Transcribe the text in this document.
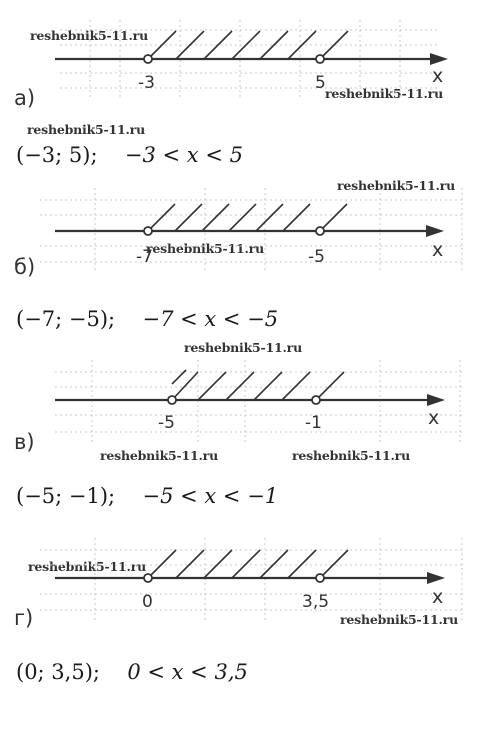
reshebnik5-11.ru
reshebnik5-11.ru
reshebnik5-11.ru
reshebnik5-11.ru
reshebnik5-11.ru
reshebnik5-11.ru
reshebnik5-11.ru	reshebnik5-11.ru
reshebnik5-11.ru
reshebnik5-11.ru
-3	5	x
а)
(−3; 5); −3 < x < 5
-7	-5	x
б)
(−7; −5); −7 < x < −5
-5	-1	x
в)
(−5; −1); −5 < x < −1
0	3,5	x
г)
(0; 3,5); 0 < x < 3,5
